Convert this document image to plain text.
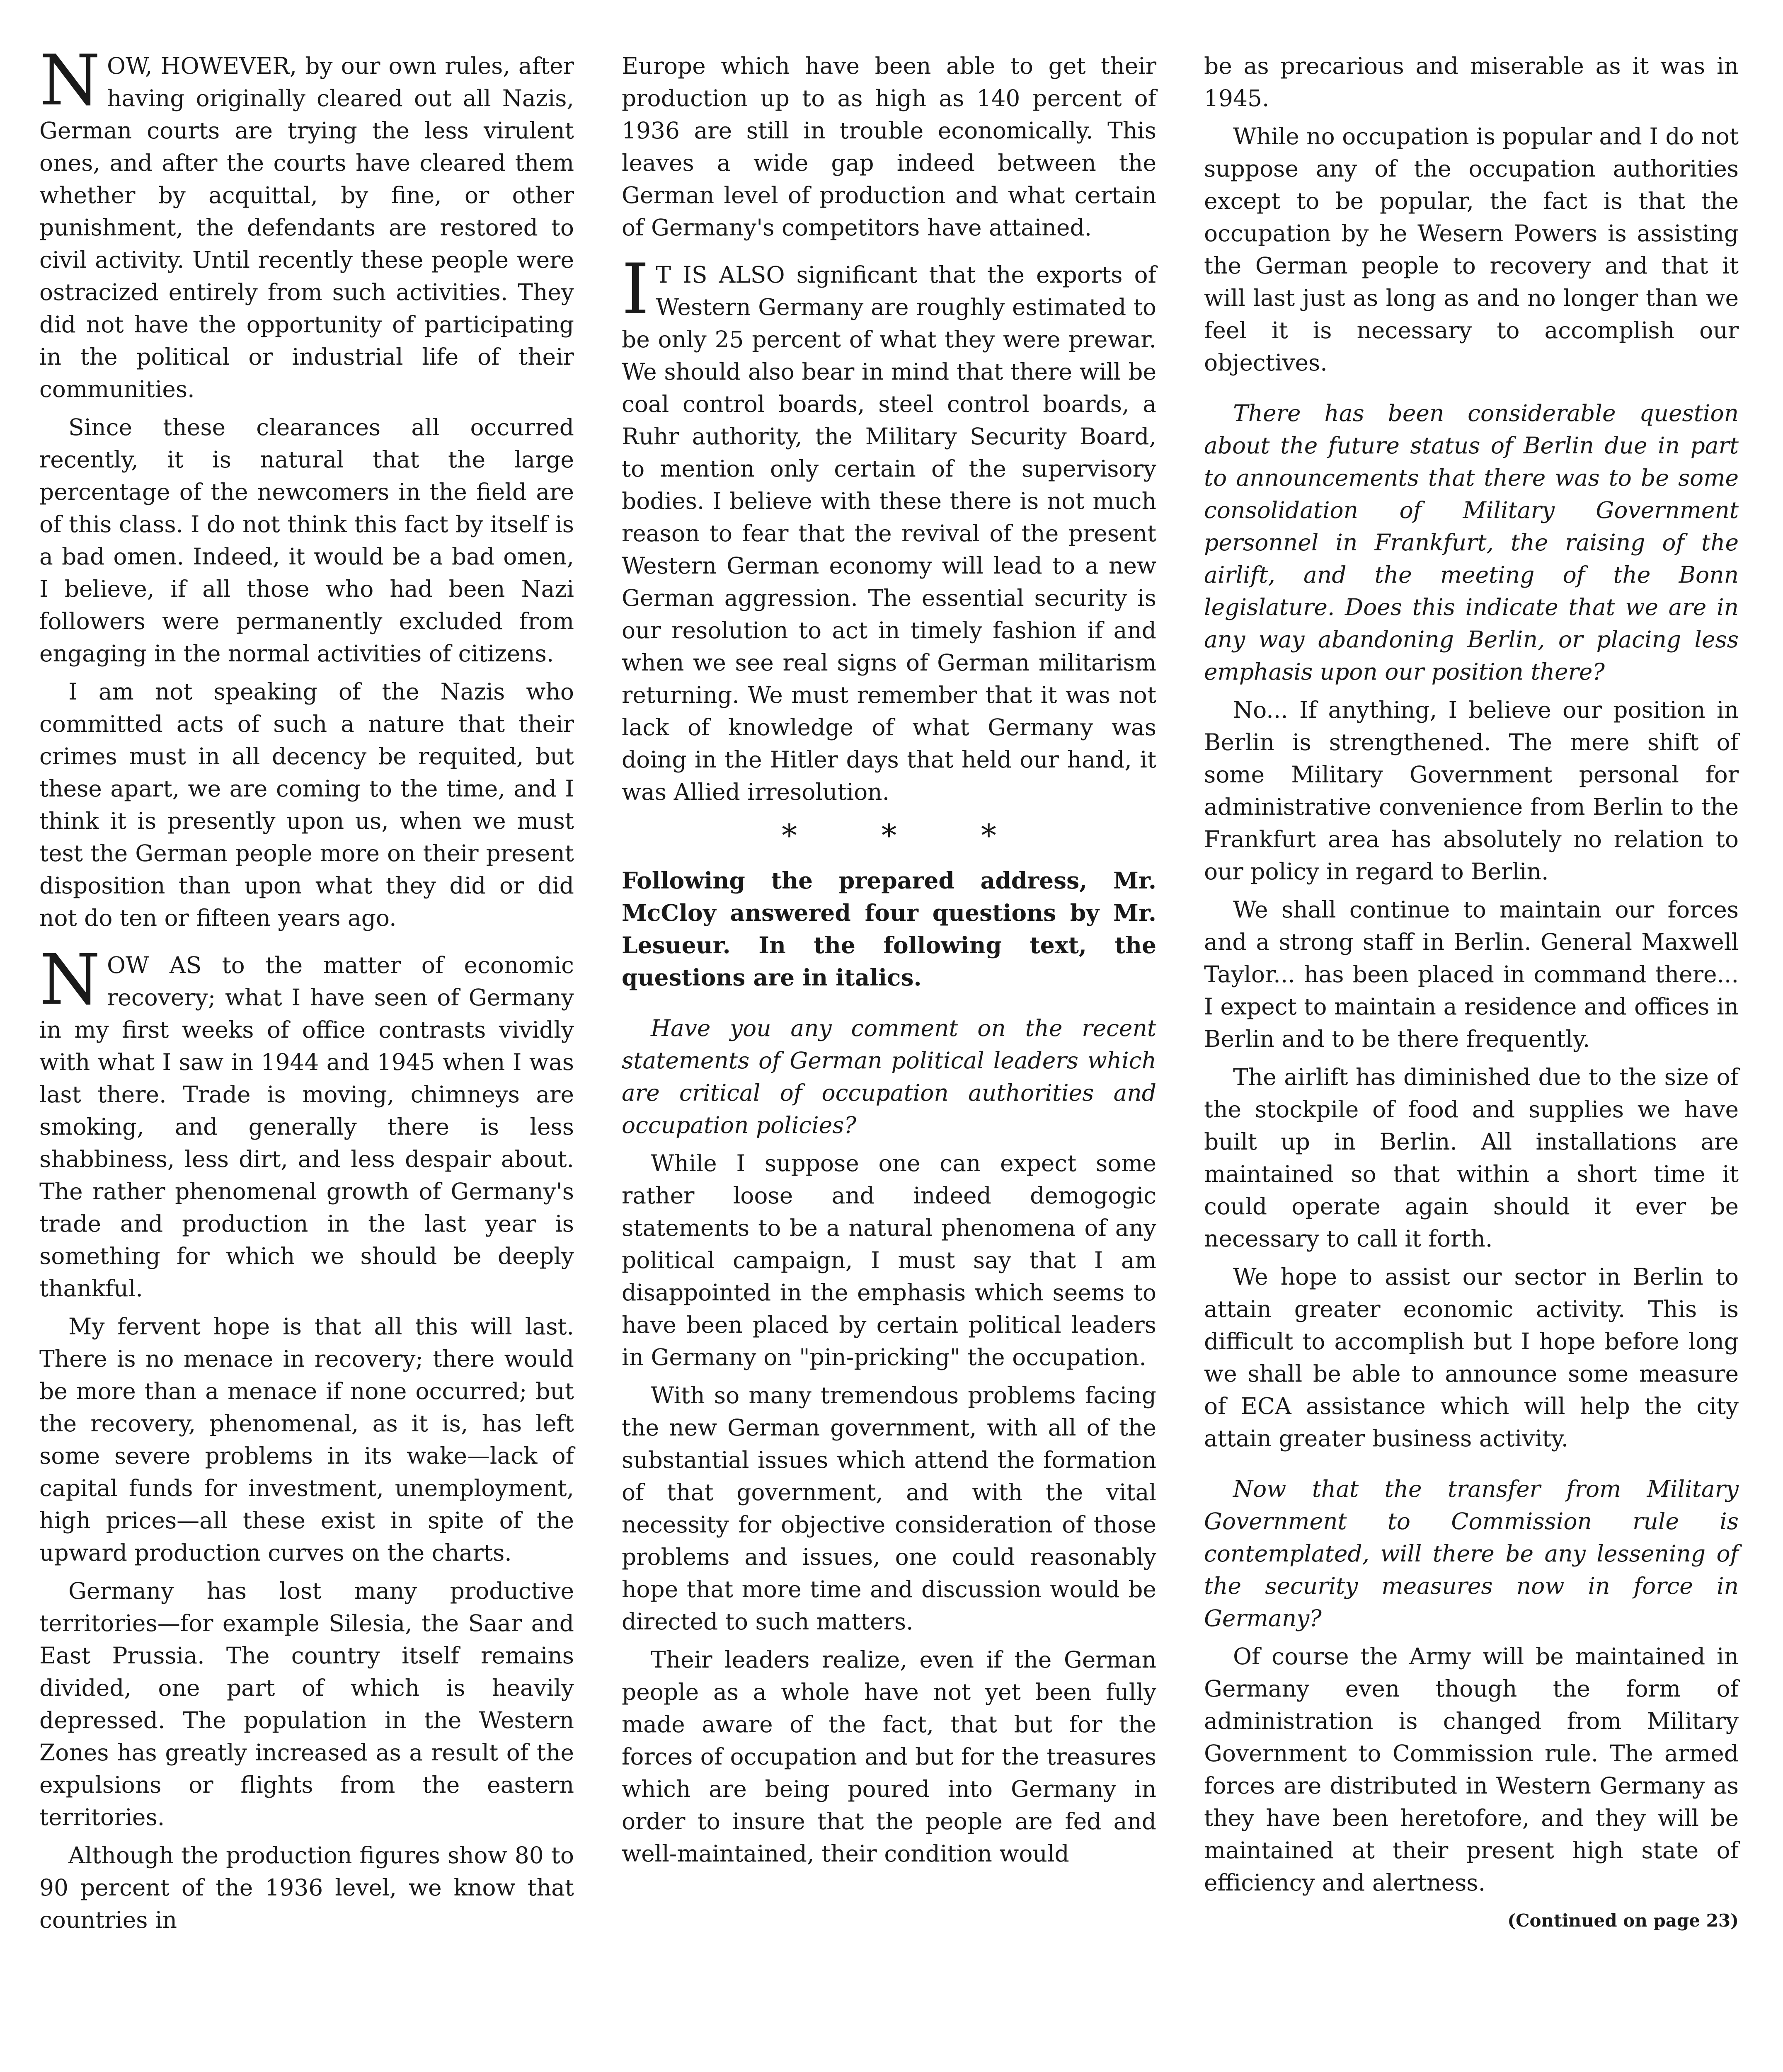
NOW, HOWEVER, by our own rules, after having originally cleared out all Nazis, German courts are trying the less virulent ones, and after the courts have cleared them whether by acquittal, by fine, or other punishment, the defendants are restored to civil activity. Until recently these people were ostracized entirely from such activities. They did not have the opportunity of participating in the political or industrial life of their communities.

Since these clearances all occurred recently, it is natural that the large percentage of the newcomers in the field are of this class. I do not think this fact by itself is a bad omen. Indeed, it would be a bad omen, I believe, if all those who had been Nazi followers were permanently excluded from engaging in the normal activities of citizens.

I am not speaking of the Nazis who committed acts of such a nature that their crimes must in all decency be requited, but these apart, we are coming to the time, and I think it is presently upon us, when we must test the German people more on their present disposition than upon what they did or did not do ten or fifteen years ago.

NOW AS to the matter of economic recovery; what I have seen of Germany in my first weeks of office contrasts vividly with what I saw in 1944 and 1945 when I was last there. Trade is moving, chimneys are smoking, and generally there is less shabbiness, less dirt, and less despair about. The rather phenomenal growth of Germany's trade and production in the last year is something for which we should be deeply thankful.

My fervent hope is that all this will last. There is no menace in recovery; there would be more than a menace if none occurred; but the recovery, phenomenal, as it is, has left some severe problems in its wake—lack of capital funds for investment, unemployment, high prices—all these exist in spite of the upward production curves on the charts.

Germany has lost many productive territories—for example Silesia, the Saar and East Prussia. The country itself remains divided, one part of which is heavily depressed. The population in the Western Zones has greatly increased as a result of the expulsions or flights from the eastern territories.

Although the production figures show 80 to 90 percent of the 1936 level, we know that countries in

Europe which have been able to get their production up to as high as 140 percent of 1936 are still in trouble economically. This leaves a wide gap indeed between the German level of production and what certain of Germany's competitors have attained.

I T IS ALSO significant that the exports of Western Germany are roughly estimated to be only 25 percent of what they were prewar. We should also bear in mind that there will be coal control boards, steel control boards, a Ruhr authority, the Military Security Board, to mention only certain of the supervisory bodies. I believe with these there is not much reason to fear that the revival of the present Western German economy will lead to a new German aggression. The essential security is our resolution to act in timely fashion if and when we see real signs of German militarism returning. We must remember that it was not lack of knowledge of what Germany was doing in the Hitler days that held our hand, it was Allied irresolution.

* * *

Following the prepared address, Mr. McCloy answered four questions by Mr. Lesueur. In the following text, the questions are in italics.

Have you any comment on the recent statements of German political leaders which are critical of occupation authorities and occupation policies?

While I suppose one can expect some rather loose and indeed demogogic statements to be a natural phenomena of any political campaign, I must say that I am disappointed in the emphasis which seems to have been placed by certain political leaders in Germany on "pin-pricking" the occupation.

With so many tremendous problems facing the new German government, with all of the substantial issues which attend the formation of that government, and with the vital necessity for objective consideration of those problems and issues, one could reasonably hope that more time and discussion would be directed to such matters.

Their leaders realize, even if the German people as a whole have not yet been fully made aware of the fact, that but for the forces of occupation and but for the treasures which are being poured into Germany in order to insure that the people are fed and well-maintained, their condition would

be as precarious and miserable as it was in 1945.

While no occupation is popular and I do not suppose any of the occupation authorities except to be popular, the fact is that the occupation by he Wesern Powers is assisting the German people to recovery and that it will last just as long as and no longer than we feel it is necessary to accomplish our objectives.

There has been considerable question about the future status of Berlin due in part to announcements that there was to be some consolidation of Military Government personnel in Frankfurt, the raising of the airlift, and the meeting of the Bonn legislature. Does this indicate that we are in any way abandoning Berlin, or placing less emphasis upon our position there?

No... If anything, I believe our position in Berlin is strengthened. The mere shift of some Military Government personal for administrative convenience from Berlin to the Frankfurt area has absolutely no relation to our policy in regard to Berlin.

We shall continue to maintain our forces and a strong staff in Berlin. General Maxwell Taylor... has been placed in command there... I expect to maintain a residence and offices in Berlin and to be there frequently.

The airlift has diminished due to the size of the stockpile of food and supplies we have built up in Berlin. All installations are maintained so that within a short time it could operate again should it ever be necessary to call it forth.

We hope to assist our sector in Berlin to attain greater economic activity. This is difficult to accomplish but I hope before long we shall be able to announce some measure of ECA assistance which will help the city attain greater business activity.

Now that the transfer from Military Government to Commission rule is contemplated, will there be any lessening of the security measures now in force in Germany?

Of course the Army will be maintained in Germany even though the form of administration is changed from Military Government to Commission rule. The armed forces are distributed in Western Germany as they have been heretofore, and they will be maintained at their present high state of efficiency and alertness.

(Continued on page 23)
